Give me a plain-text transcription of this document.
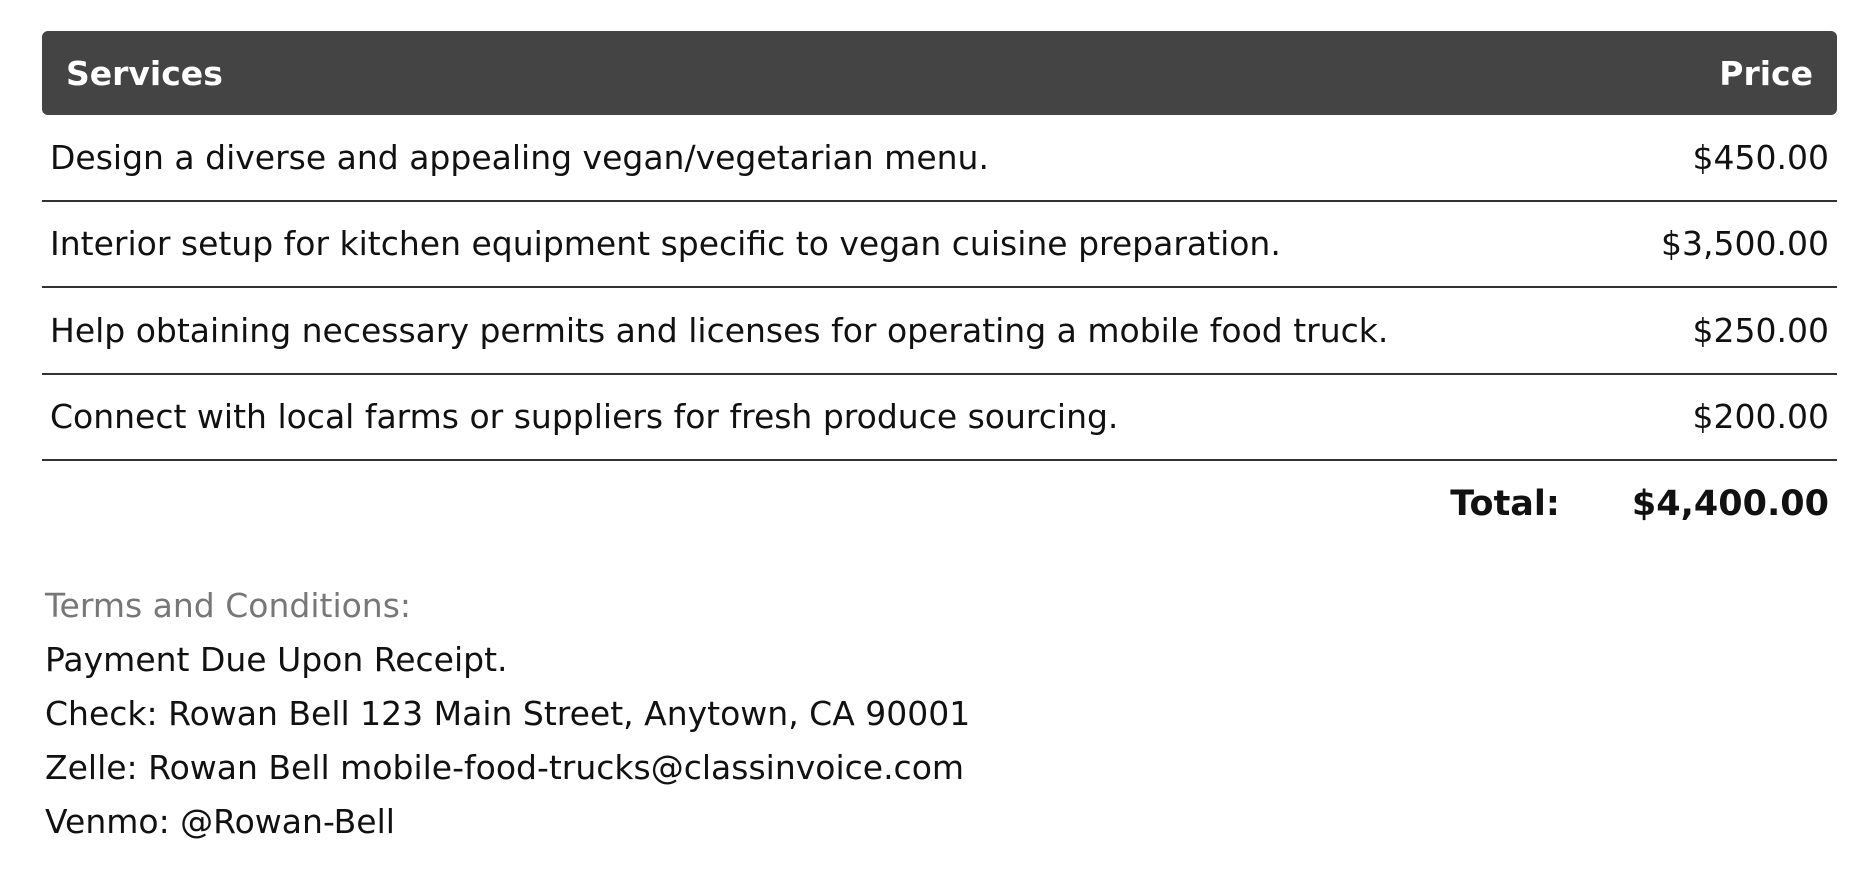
Services	Price
Design a diverse and appealing vegan/vegetarian menu.	$450.00
Interior setup for kitchen equipment specific to vegan cuisine preparation.	$3,500.00
Help obtaining necessary permits and licenses for operating a mobile food truck.	$250.00
Connect with local farms or suppliers for fresh produce sourcing.	$200.00
Total: $4,400.00
Terms and Conditions:
Payment Due Upon Receipt.
Check: Rowan Bell 123 Main Street, Anytown, CA 90001
Zelle: Rowan Bell mobile-food-trucks@classinvoice.com
Venmo: @Rowan-Bell
